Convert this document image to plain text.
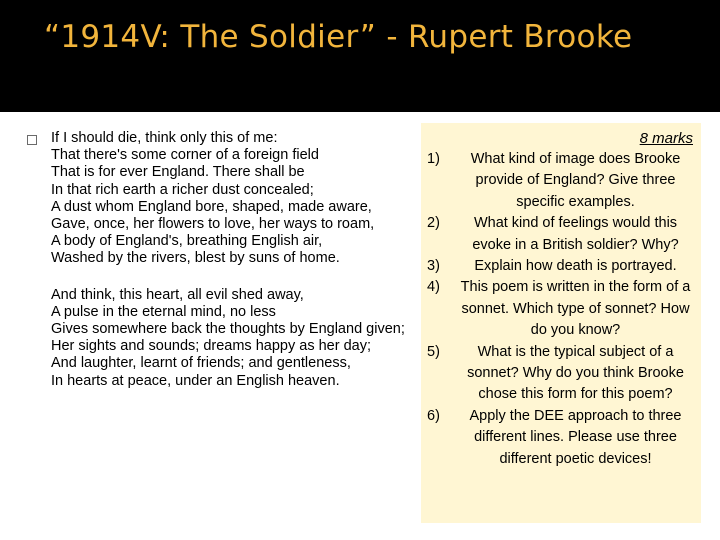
“1914V: The Soldier” - Rupert Brooke
If I should die, think only this of me:
That there's some corner of a foreign field
That is for ever England. There shall be
In that rich earth a richer dust concealed;
A dust whom England bore, shaped, made aware,
Gave, once, her flowers to love, her ways to roam,
A body of England's, breathing English air,
Washed by the rivers, blest by suns of home.
And think, this heart, all evil shed away,
A pulse in the eternal mind, no less
Gives somewhere back the thoughts by England given;
Her sights and sounds; dreams happy as her day;
And laughter, learnt of friends; and gentleness,
In hearts at peace, under an English heaven.

8 marks

1)	What kind of image does Brooke provide of England? Give three specific examples.
2)	What kind of feelings would this evoke in a British soldier? Why?
3)	Explain how death is portrayed.
4)	This poem is written in the form of a sonnet. Which type of sonnet? How do you know?
5)	What is the typical subject of a sonnet? Why do you think Brooke chose this form for this poem?
6)	Apply the DEE approach to three different lines. Please use three different poetic devices!
